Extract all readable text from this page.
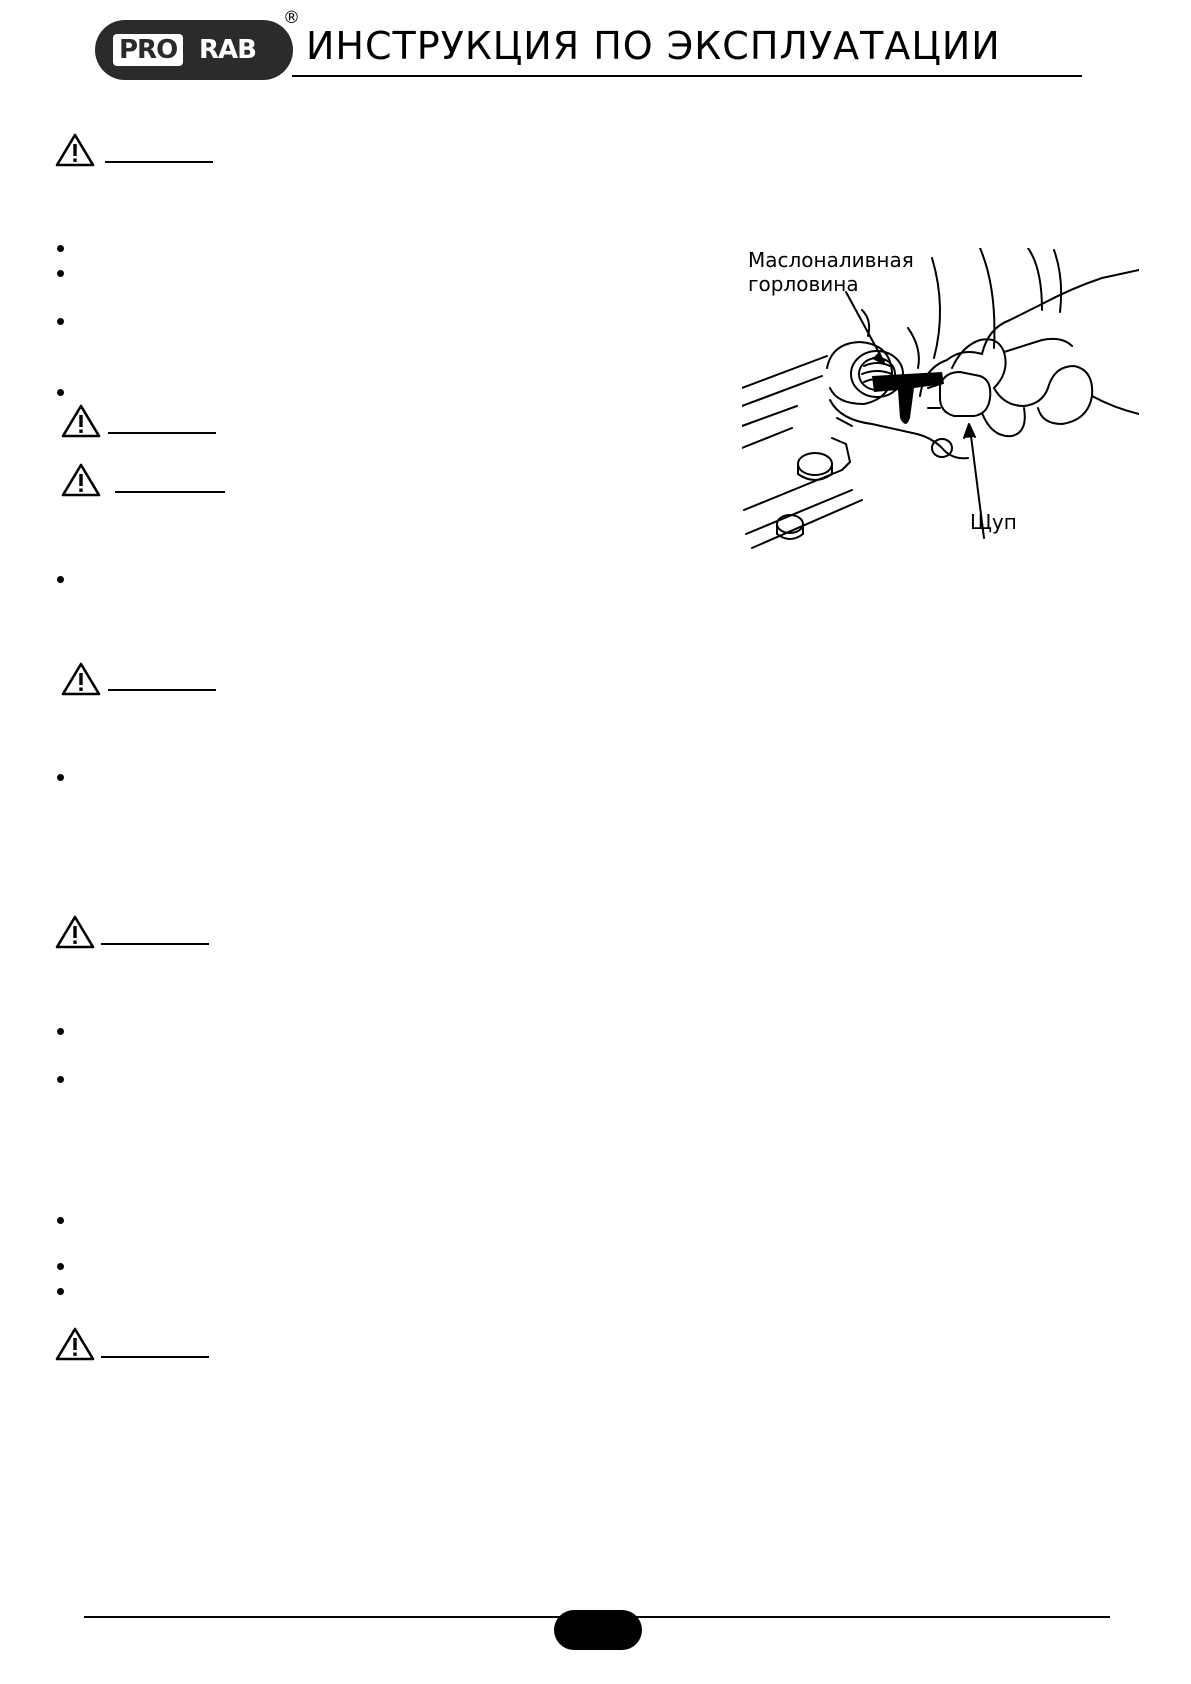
PRO RAB
®
ИНСТРУКЦИЯ ПО ЭКСПЛУАТАЦИИ
Маслоналивная горловина
Щуп
